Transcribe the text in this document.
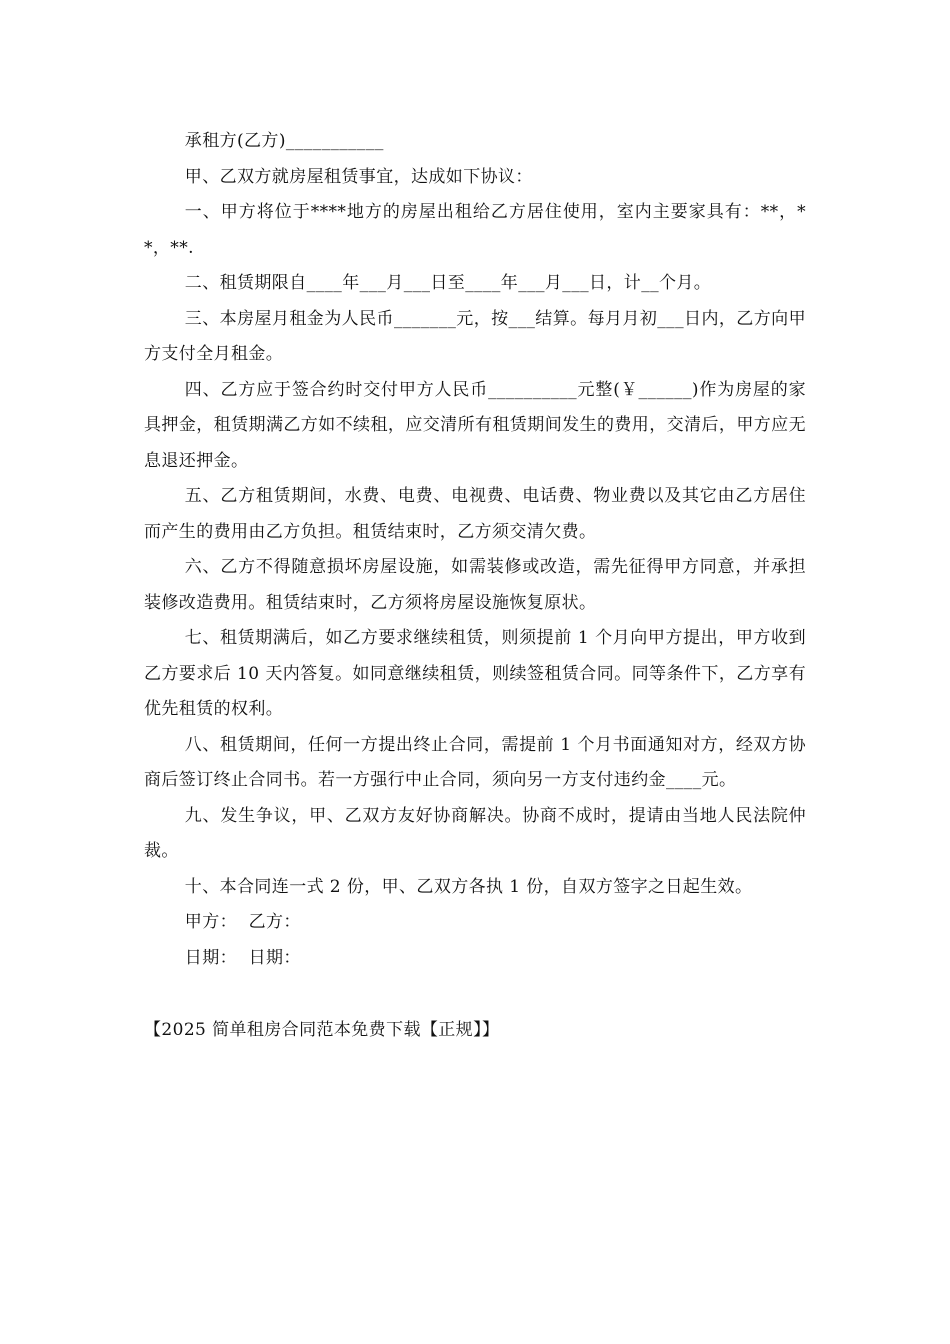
承租方(乙方)___________

甲、乙双方就房屋租赁事宜，达成如下协议：

一、甲方将位于****地方的房屋出租给乙方居住使用，室内主要家具有：**，**，**.

二、租赁期限自____年___月___日至____年___月___日，计__个月。

三、本房屋月租金为人民币_______元，按___结算。每月月初___日内，乙方向甲方支付全月租金。

四、乙方应于签合约时交付甲方人民币__________元整(￥______)作为房屋的家具押金，租赁期满乙方如不续租，应交清所有租赁期间发生的费用，交清后，甲方应无息退还押金。

五、乙方租赁期间，水费、电费、电视费、电话费、物业费以及其它由乙方居住而产生的费用由乙方负担。租赁结束时，乙方须交清欠费。

六、乙方不得随意损坏房屋设施，如需装修或改造，需先征得甲方同意，并承担装修改造费用。租赁结束时，乙方须将房屋设施恢复原状。

七、租赁期满后，如乙方要求继续租赁，则须提前 1 个月向甲方提出，甲方收到乙方要求后 10 天内答复。如同意继续租赁，则续签租赁合同。同等条件下，乙方享有优先租赁的权利。

八、租赁期间，任何一方提出终止合同，需提前 1 个月书面通知对方，经双方协商后签订终止合同书。若一方强行中止合同，须向另一方支付违约金____元。

九、发生争议，甲、乙双方友好协商解决。协商不成时，提请由当地人民法院仲裁。

十、本合同连一式 2 份，甲、乙双方各执 1 份，自双方签字之日起生效。

甲方：  乙方：

日期：  日期：

【2025 简单租房合同范本免费下载【正规】】
